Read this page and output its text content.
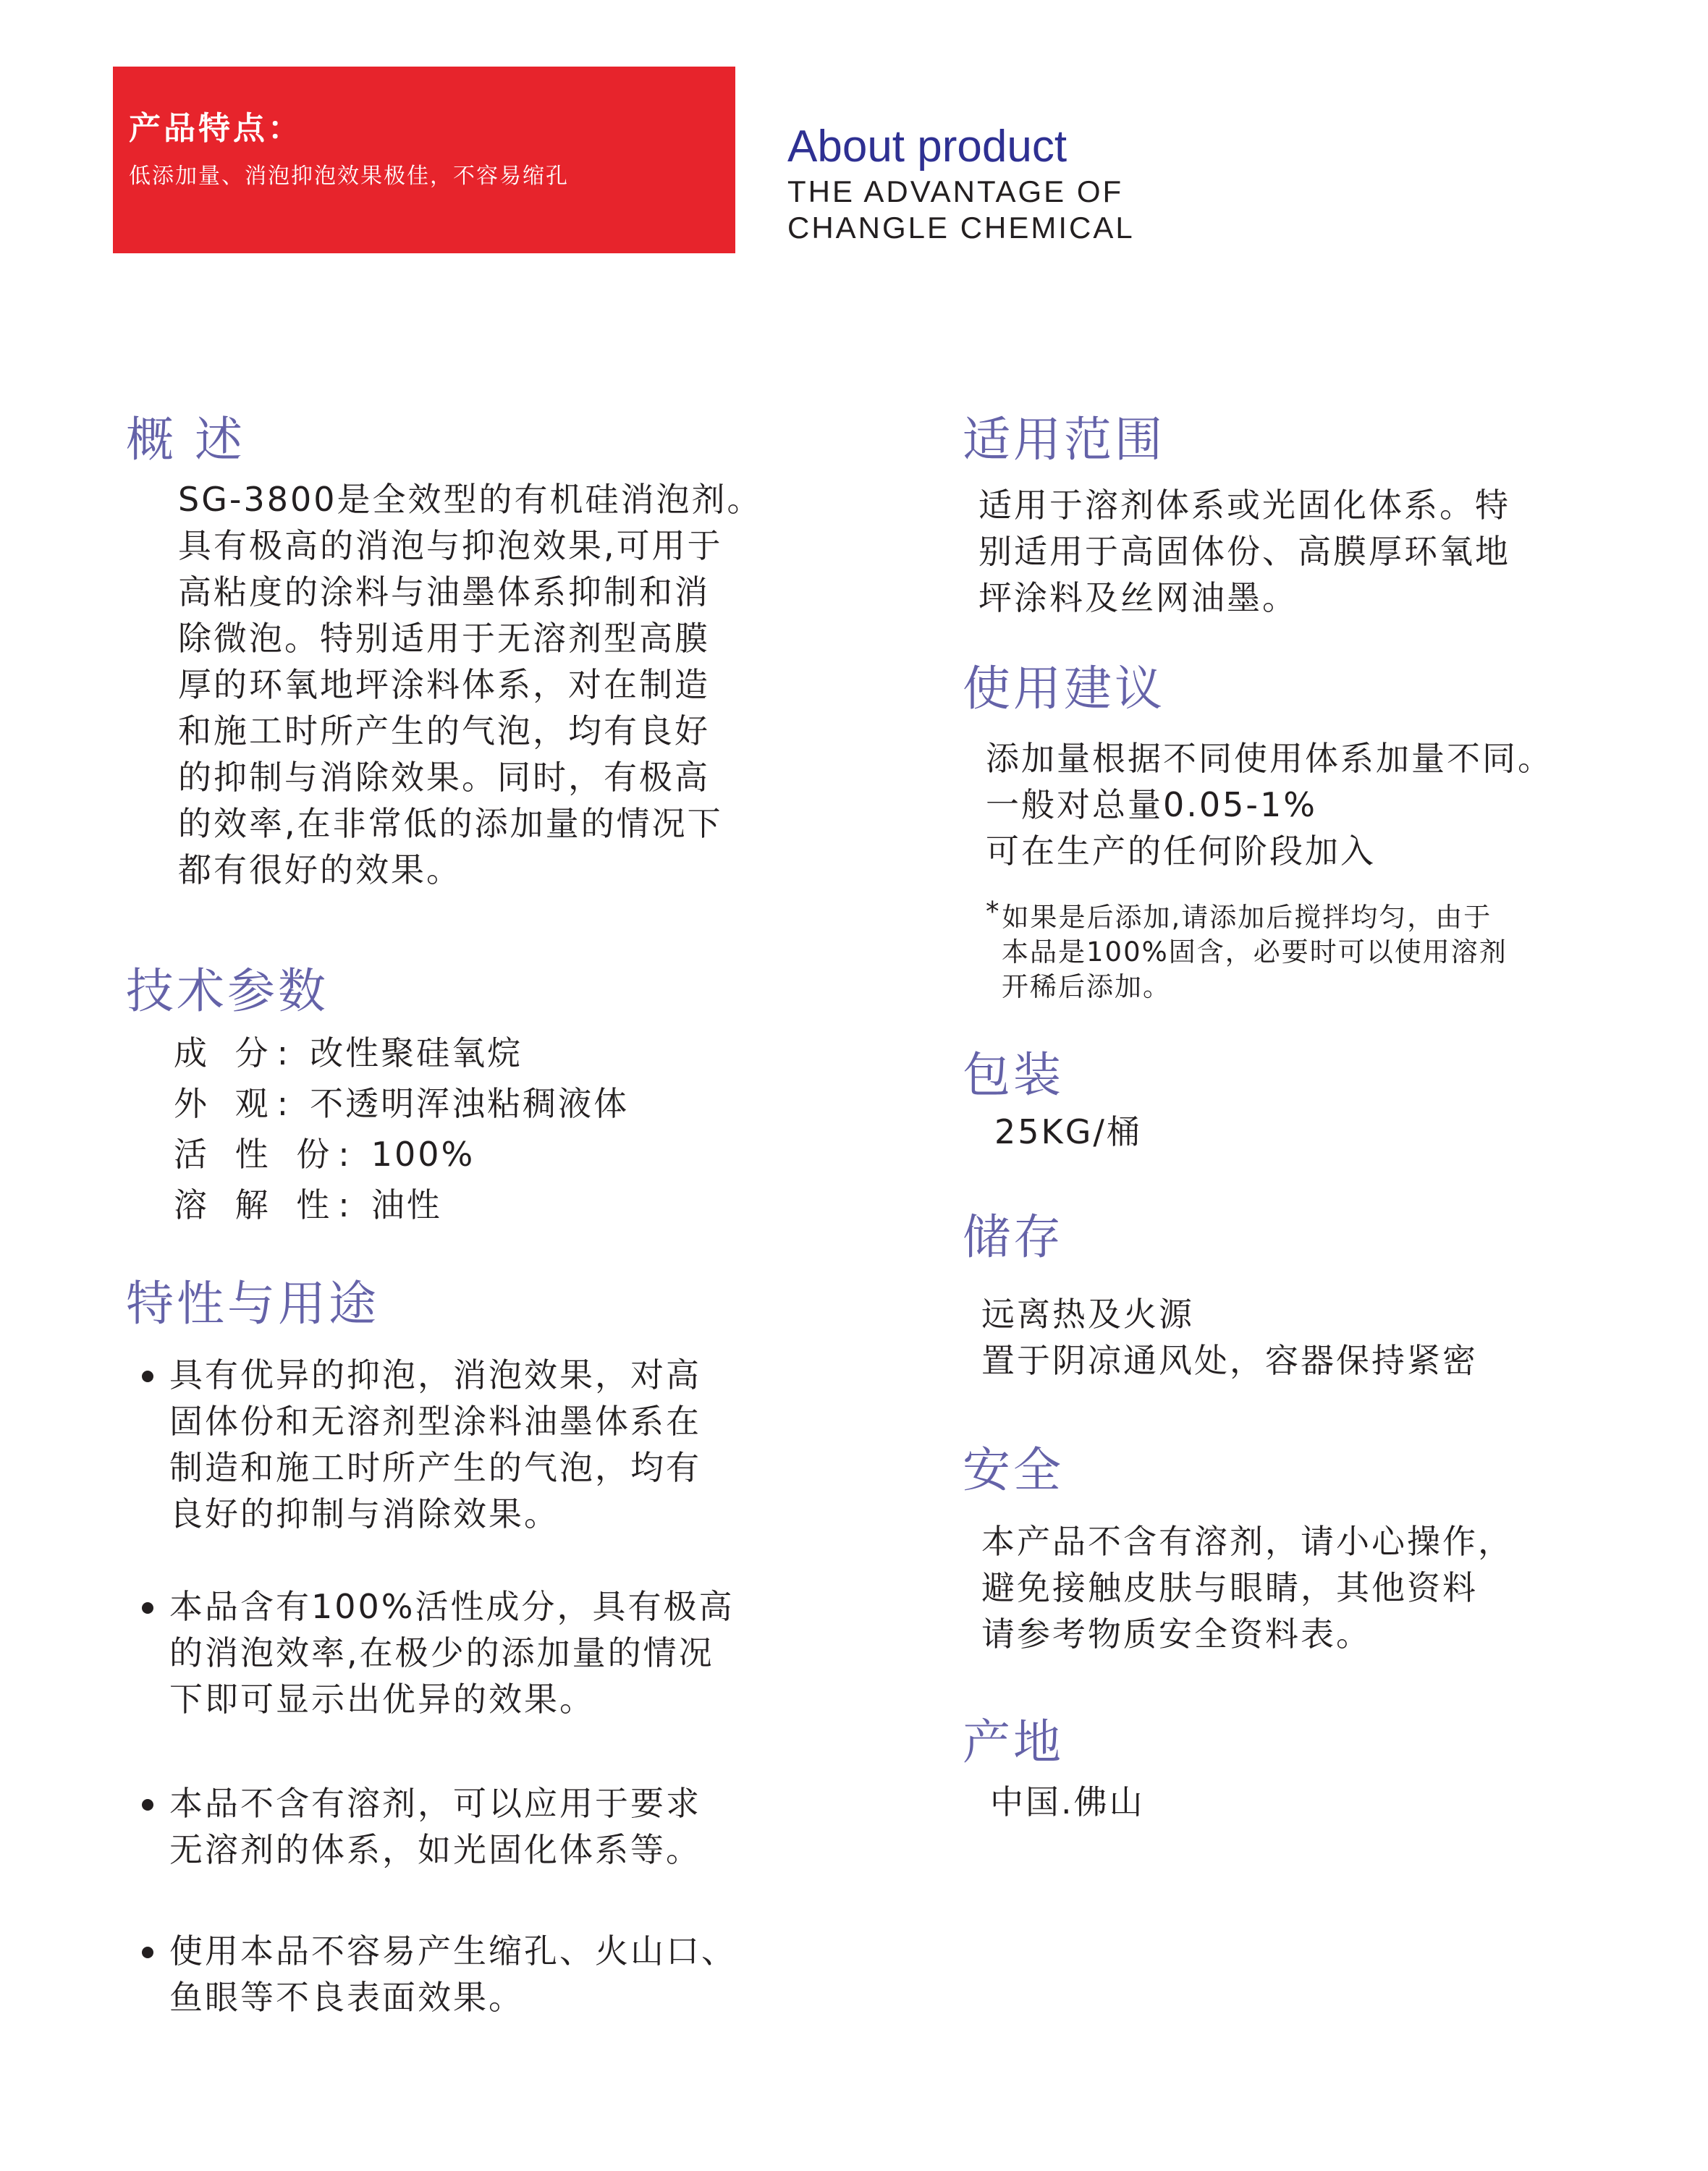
产品特点：
低添加量、消泡抑泡效果极佳，不容易缩孔
About product
THE ADVANTAGE OF
CHANGLE CHEMICAL
概 述
SG-3800是全效型的有机硅消泡剂。
具有极高的消泡与抑泡效果,可用于
高粘度的涂料与油墨体系抑制和消
除微泡。特别适用于无溶剂型高膜
厚的环氧地坪涂料体系，对在制造
和施工时所产生的气泡，均有良好
的抑制与消除效果。同时，有极高
的效率,在非常低的添加量的情况下
都有很好的效果。
技术参数
成 分: 改性聚硅氧烷
外 观: 不透明浑浊粘稠液体
活 性 份: 100%
溶 解 性: 油性
特性与用途
具有优异的抑泡，消泡效果，对高
固体份和无溶剂型涂料油墨体系在
制造和施工时所产生的气泡，均有
良好的抑制与消除效果。
本品含有100%活性成分，具有极高
的消泡效率,在极少的添加量的情况
下即可显示出优异的效果。
本品不含有溶剂，可以应用于要求
无溶剂的体系，如光固化体系等。
使用本品不容易产生缩孔、火山口、
鱼眼等不良表面效果。
适用范围
适用于溶剂体系或光固化体系。特
别适用于高固体份、高膜厚环氧地
坪涂料及丝网油墨。
使用建议
添加量根据不同使用体系加量不同。
一般对总量0.05-1%
可在生产的任何阶段加入
*如果是后添加,请添加后搅拌均匀，由于
本品是100%固含，必要时可以使用溶剂
开稀后添加。
包装
25KG/桶
储存
远离热及火源
置于阴凉通风处，容器保持紧密
安全
本产品不含有溶剂，请小心操作，
避免接触皮肤与眼睛，其他资料
请参考物质安全资料表。
产地
中国.佛山
